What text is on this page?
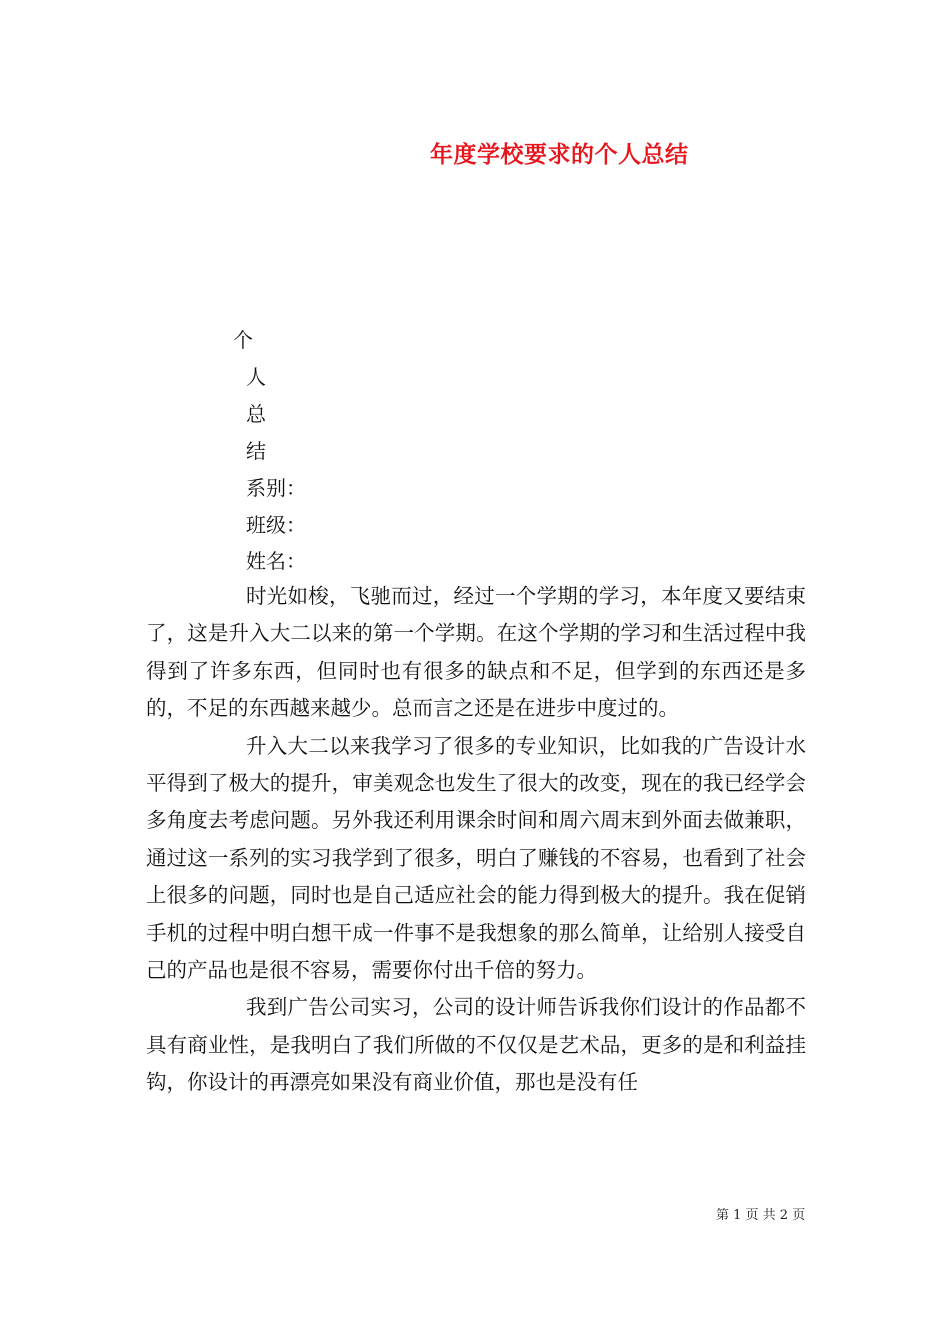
年度学校要求的个人总结
个
人
总
结
系别：
班级：
姓名：

时光如梭，飞驰而过，经过一个学期的学习，本年度又要结束了，这是升入大二以来的第一个学期。在这个学期的学习和生活过程中我得到了许多东西，但同时也有很多的缺点和不足，但学到的东西还是多的，不足的东西越来越少。总而言之还是在进步中度过的。

升入大二以来我学习了很多的专业知识，比如我的广告设计水平得到了极大的提升，审美观念也发生了很大的改变，现在的我已经学会多角度去考虑问题。另外我还利用课余时间和周六周末到外面去做兼职，通过这一系列的实习我学到了很多，明白了赚钱的不容易，也看到了社会上很多的问题，同时也是自己适应社会的能力得到极大的提升。我在促销手机的过程中明白想干成一件事不是我想象的那么简单，让给别人接受自己的产品也是很不容易，需要你付出千倍的努力。

我到广告公司实习，公司的设计师告诉我你们设计的作品都不具有商业性，是我明白了我们所做的不仅仅是艺术品，更多的是和利益挂钩，你设计的再漂亮如果没有商业价值，那也是没有任

第 1 页 共 2 页
